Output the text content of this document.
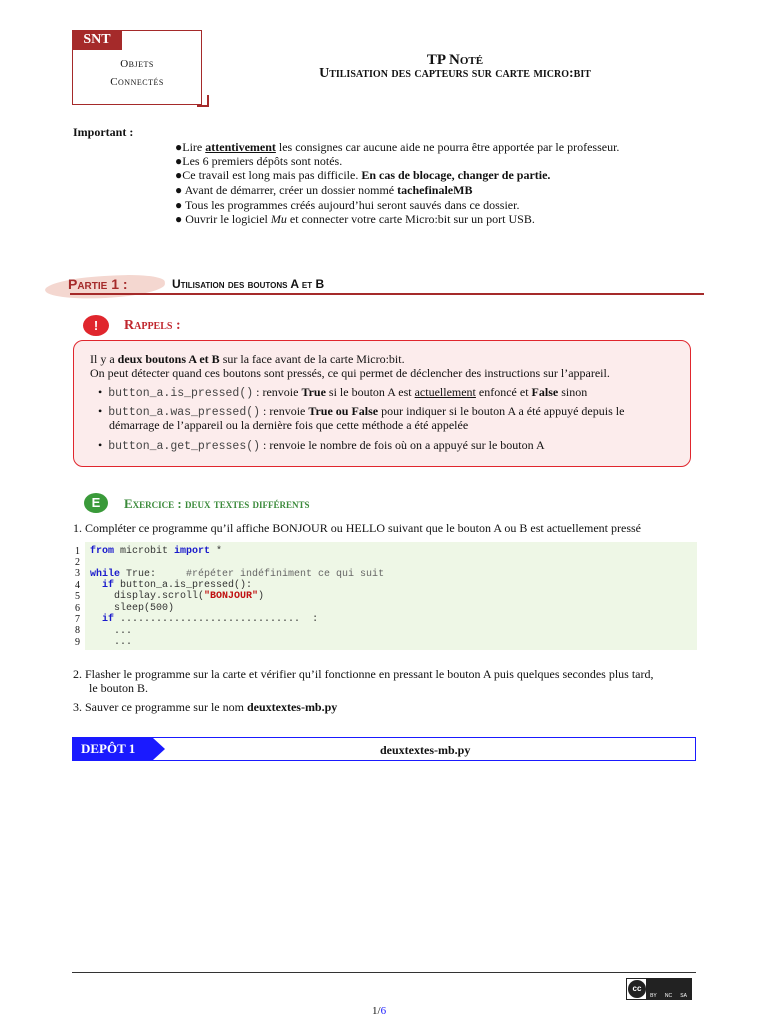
SNT
Objets
Connectés
TP Noté
Utilisation des capteurs sur carte micro:bit
Important :
●Lire attentivement les consignes car aucune aide ne pourra être apportée par le professeur.
●Les 6 premiers dépôts sont notés.
●Ce travail est long mais pas difficile. En cas de blocage, changer de partie.
● Avant de démarrer, créer un dossier nommé tachefinaleMB
● Tous les programmes créés aujourd’hui seront sauvés dans ce dossier.
● Ouvrir le logiciel Mu et connecter votre carte Micro:bit sur un port USB.
Partie 1 :	Utilisation des boutons A et B
!	Rappels :
Il y a deux boutons A et B sur la face avant de la carte Micro:bit.
On peut détecter quand ces boutons sont pressés, ce qui permet de déclencher des instructions sur l’appareil.
•  button_a.is_pressed() : renvoie True si le bouton A est actuellement enfoncé et False sinon
•  button_a.was_pressed() : renvoie True ou False pour indiquer si le bouton A a été appuyé depuis le
démarrage de l’appareil ou la dernière fois que cette méthode a été appelée
•  button_a.get_presses() : renvoie le nombre de fois où on a appuyé sur le bouton A
E	Exercice : deux textes différents
1. Compléter ce programme qu’il affiche BONJOUR ou HELLO suivant que le bouton A ou B est actuellement pressé
1
2
3
4
5
6
7
8
9
from microbit import *
while True:     #répéter indéfiniment ce qui suit
if button_a.is_pressed():
display.scroll("BONJOUR")
sleep(500)
if ..............................  :
...
...
2. Flasher le programme sur la carte et vérifier qu’il fonctionne en pressant le bouton A puis quelques secondes plus tard,
le bouton B.
3. Sauver ce programme sur le nom deuxtextes-mb.py
DEPÔT 1	deuxtextes-mb.py
cc
BY NC SA
1/6
